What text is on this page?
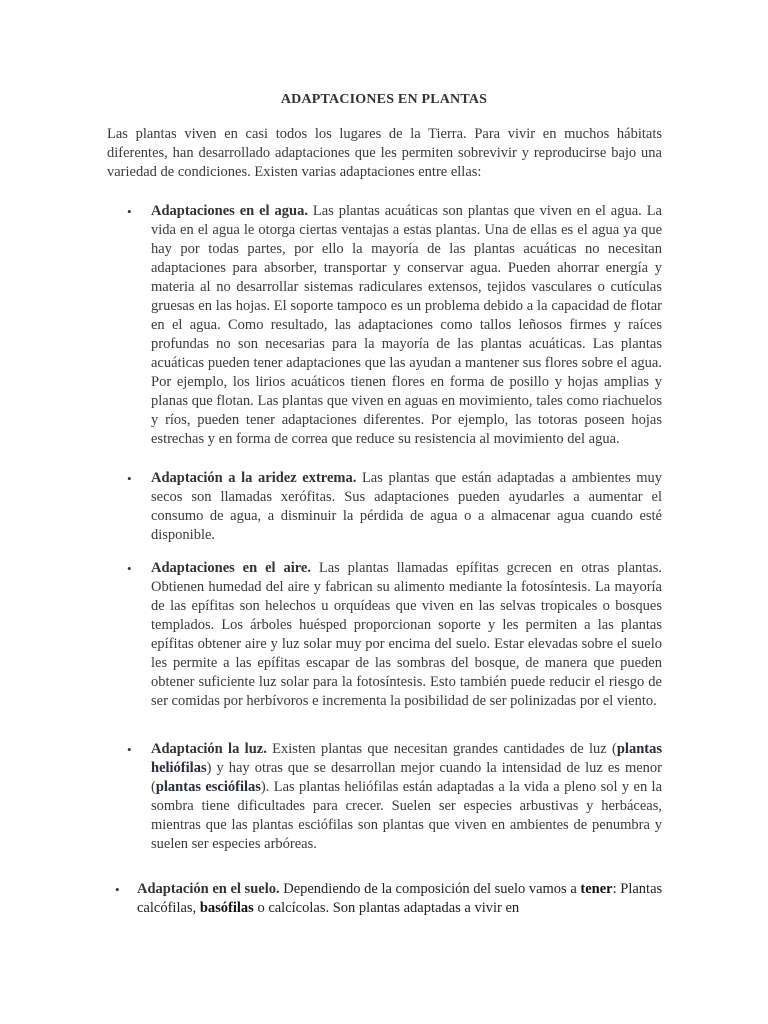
ADAPTACIONES EN PLANTAS
Las plantas viven en casi todos los lugares de la Tierra. Para vivir en muchos hábitats diferentes, han desarrollado adaptaciones que les permiten sobrevivir y reproducirse bajo una variedad de condiciones. Existen varias adaptaciones entre ellas:
• Adaptaciones en el agua. Las plantas acuáticas son plantas que viven en el agua. La vida en el agua le otorga ciertas ventajas a estas plantas. Una de ellas es el agua ya que hay por todas partes, por ello la mayoría de las plantas acuáticas no necesitan adaptaciones para absorber, transportar y conservar agua. Pueden ahorrar energía y materia al no desarrollar sistemas radiculares extensos, tejidos vasculares o cutículas gruesas en las hojas. El soporte tampoco es un problema debido a la capacidad de flotar en el agua. Como resultado, las adaptaciones como tallos leñosos firmes y raíces profundas no son necesarias para la mayoría de las plantas acuáticas. Las plantas acuáticas pueden tener adaptaciones que las ayudan a mantener sus flores sobre el agua. Por ejemplo, los lirios acuáticos tienen flores en forma de posillo y hojas amplias y planas que flotan. Las plantas que viven en aguas en movimiento, tales como riachuelos y ríos, pueden tener adaptaciones diferentes. Por ejemplo, las totoras poseen hojas estrechas y en forma de correa que reduce su resistencia al movimiento del agua.
• Adaptación a la aridez extrema. Las plantas que están adaptadas a ambientes muy secos son llamadas xerófitas. Sus adaptaciones pueden ayudarles a aumentar el consumo de agua, a disminuir la pérdida de agua o a almacenar agua cuando esté disponible.
• Adaptaciones en el aire. Las plantas llamadas epífitas gcrecen en otras plantas. Obtienen humedad del aire y fabrican su alimento mediante la fotosíntesis. La mayoría de las epífitas son helechos u orquídeas que viven en las selvas tropicales o bosques templados. Los árboles huésped proporcionan soporte y les permiten a las plantas epífitas obtener aire y luz solar muy por encima del suelo. Estar elevadas sobre el suelo les permite a las epífitas escapar de las sombras del bosque, de manera que pueden obtener suficiente luz solar para la fotosíntesis. Esto también puede reducir el riesgo de ser comidas por herbívoros e incrementa la posibilidad de ser polinizadas por el viento.
• Adaptación la luz. Existen plantas que necesitan grandes cantidades de luz (plantas heliófilas) y hay otras que se desarrollan mejor cuando la intensidad de luz es menor (plantas esciófilas). Las plantas heliófilas están adaptadas a la vida a pleno sol y en la sombra tiene dificultades para crecer. Suelen ser especies arbustivas y herbáceas, mientras que las plantas esciófilas son plantas que viven en ambientes de penumbra y suelen ser especies arbóreas.
• Adaptación en el suelo. Dependiendo de la composición del suelo vamos a tener: Plantas calcófilas, basófilas o calcícolas. Son plantas adaptadas a vivir en
